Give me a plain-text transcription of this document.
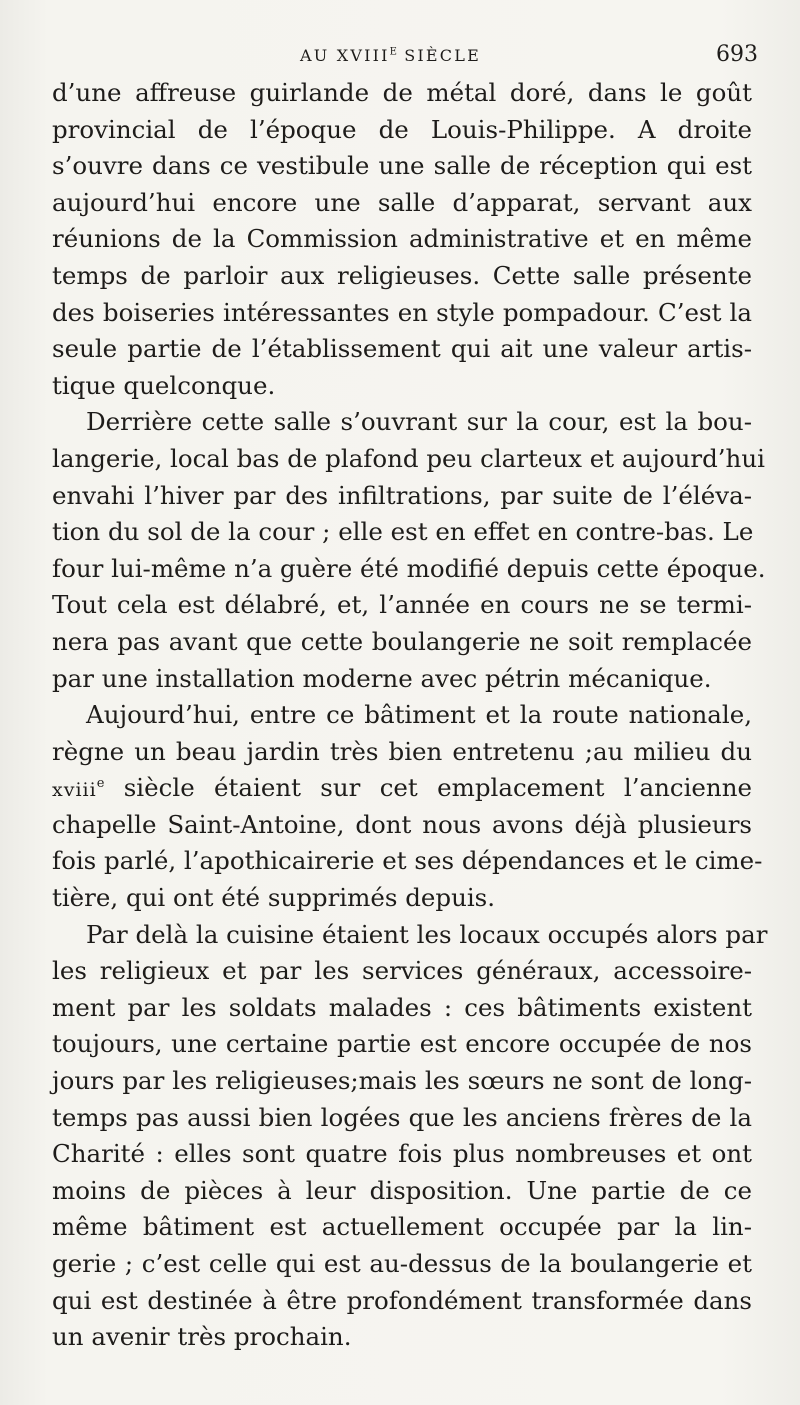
AU $XVIII^E$ SIÈCLE	693
d’une affreuse guirlande de métal doré, dans le goût
provincial de l’époque de Louis-Philippe. A droite
s’ouvre dans ce vestibule une salle de réception qui est
aujourd’hui encore une salle d’apparat, servant aux
réunions de la Commission administrative et en même
temps de parloir aux religieuses. Cette salle présente
des boiseries intéressantes en style pompadour. C’est la
seule partie de l’établissement qui ait une valeur artis-
tique quelconque.
Derrière cette salle s’ouvrant sur la cour, est la bou-
langerie, local bas de plafond peu clarteux et aujourd’hui
envahi l’hiver par des infiltrations, par suite de l’éléva-
tion du sol de la cour ; elle est en effet en contre-bas. Le
four lui-même n’a guère été modifié depuis cette époque.
Tout cela est délabré, et, l’année en cours ne se termi-
nera pas avant que cette boulangerie ne soit remplacée
par une installation moderne avec pétrin mécanique.
Aujourd’hui, entre ce bâtiment et la route nationale,
règne un beau jardin très bien entretenu ;au milieu du
xviii$^e$ siècle étaient sur cet emplacement l’ancienne
chapelle Saint-Antoine, dont nous avons déjà plusieurs
fois parlé, l’apothicairerie et ses dépendances et le cime-
tière, qui ont été supprimés depuis.
Par delà la cuisine étaient les locaux occupés alors par
les religieux et par les services généraux, accessoire-
ment par les soldats malades : ces bâtiments existent
toujours, une certaine partie est encore occupée de nos
jours par les religieuses;mais les sœurs ne sont de long-
temps pas aussi bien logées que les anciens frères de la
Charité : elles sont quatre fois plus nombreuses et ont
moins de pièces à leur disposition. Une partie de ce
même bâtiment est actuellement occupée par la lin-
gerie ; c’est celle qui est au-dessus de la boulangerie et
qui est destinée à être profondément transformée dans
un avenir très prochain.
